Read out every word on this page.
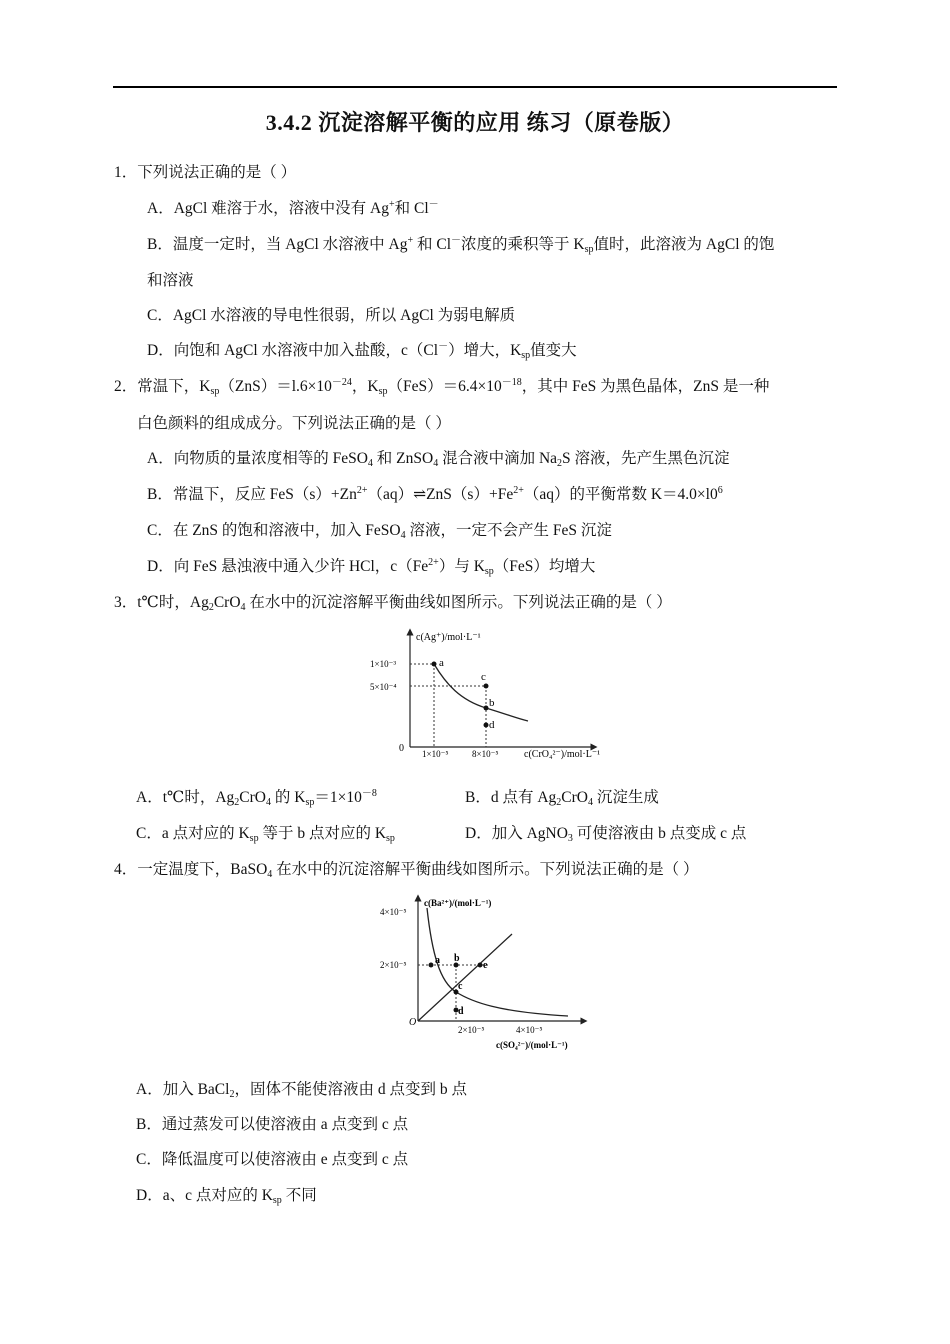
3.4.2 沉淀溶解平衡的应用 练习（原卷版）
1．下列说法正确的是（ ）
A．AgCl 难溶于水，溶液中没有 Ag+和 Cl－
B．温度一定时，当 AgCl 水溶液中 Ag+ 和 Cl－浓度的乘积等于 $K_{sp}$值时，此溶液为 AgCl 的饱
和溶液
C．AgCl 水溶液的导电性很弱，所以 AgCl 为弱电解质
D．向饱和 AgCl 水溶液中加入盐酸，c（Cl－）增大，$K_{sp}$值变大
2．常温下，$K_{sp}(ZnS)=l.6\times 10^{-24}$，$K_{sp}(FeS)=6.4\times 10^{-18}$，其中 FeS 为黑色晶体，ZnS 是一种
白色颜料的组成成分。下列说法正确的是（ ）
A．向物质的量浓度相等的 FeSO$_4$ 和 ZnSO$_4$ 混合液中滴加 $Na_2S$ 溶液，先产生黑色沉淀
B．常温下，反应 $FeS(s)+Zn^{2+}(aq)\rightleftharpoons ZnS(s)+Fe^{2+}(aq)$的平衡常数 $K=4.0\times l0^6$
C．在 ZnS 的饱和溶液中，加入 FeSO$_4$ 溶液，一定不会产生 FeS 沉淀
D．向 FeS 悬浊液中通入少许 HCl，$c(Fe^{2+})$与 $K_{sp}(FeS)$均增大
3．t℃时，$Ag_2CrO_4$ 在水中的沉淀溶解平衡曲线如图所示。下列说法正确的是（ ）
c(Ag⁺)/mol·L⁻¹
c(CrO₄²⁻)/mol·L⁻¹
1×10⁻³
5×10⁻⁴
1×10⁻⁵	8×10⁻⁵
0
a
b
c
d
A．t℃时，$Ag_2CrO_4$ 的 $K_{sp}=1\times 10^{-8}$	B．d 点有 $Ag_2CrO_4$ 沉淀生成
C．a 点对应的 $K_{sp}$ 等于 b 点对应的 $K_{sp}$	D．加入 AgNO$_3$ 可使溶液由 b 点变成 c 点
4．一定温度下，BaSO$_4$ 在水中的沉淀溶解平衡曲线如图所示。下列说法正确的是（ ）
c(Ba²⁺)/(mol·L⁻¹)
c(SO₄²⁻)/(mol·L⁻¹)
4×10⁻⁵
2×10⁻⁵
2×10⁻⁵	4×10⁻⁵
O
a b
c
d
e
A．加入 BaCl$_2$，固体不能使溶液由 d 点变到 b 点
B．通过蒸发可以使溶液由 a 点变到 c 点
C．降低温度可以使溶液由 e 点变到 c 点
D．a、c 点对应的 $K_{sp}$ 不同
